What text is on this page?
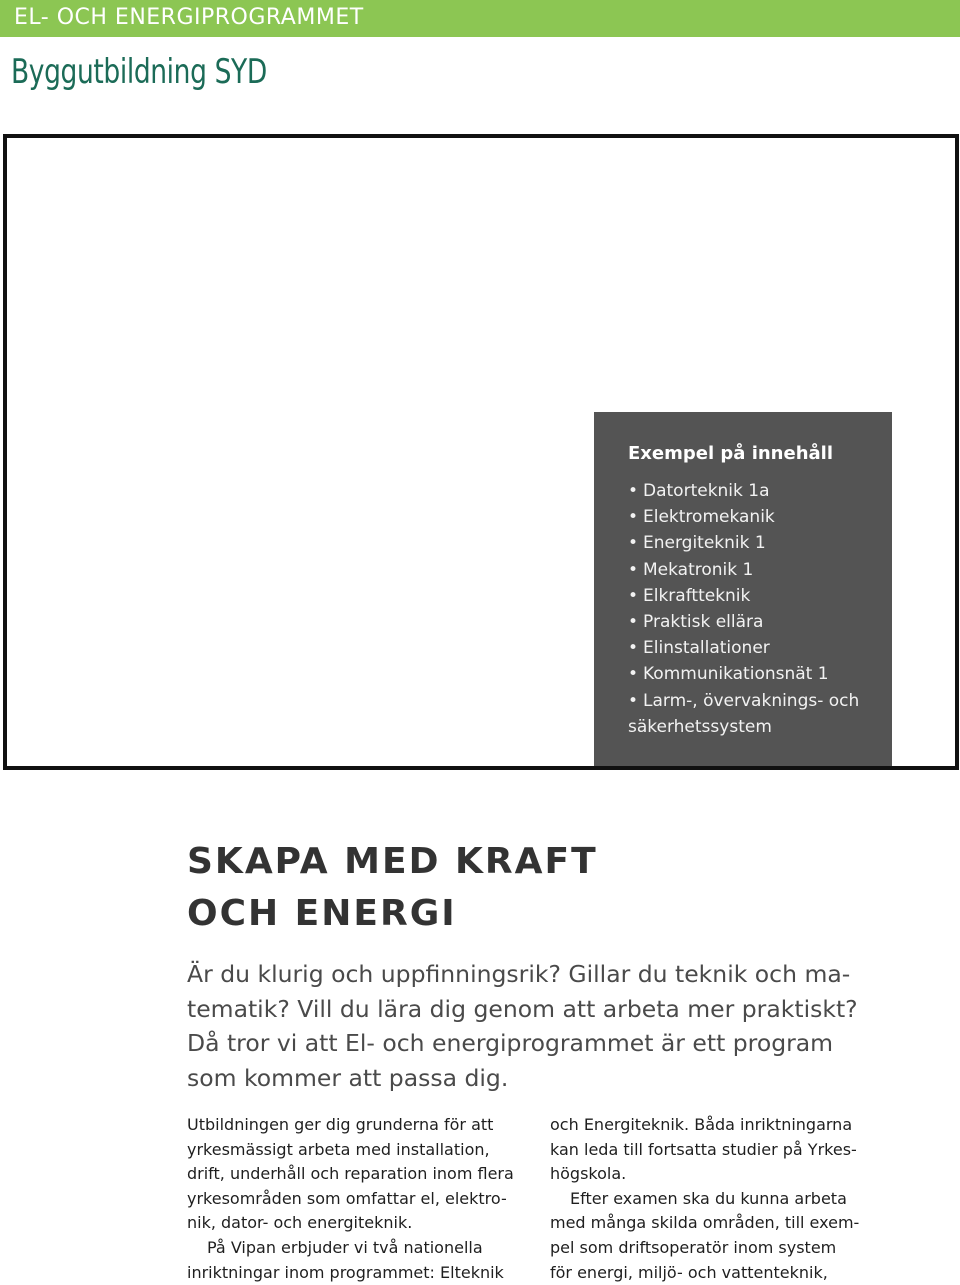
EL- OCH ENERGIPROGRAMMET
Byggutbildning SYD
Exempel på innehåll
• Datorteknik 1a
• Elektromekanik
• Energiteknik 1
• Mekatronik 1
• Elkraftteknik
• Praktisk ellära
• Elinstallationer
• Kommunikationsnät 1
• Larm-, övervaknings- och
säkerhetssystem
SKAPA MED KRAFT
OCH ENERGI
Är du klurig och uppfinningsrik? Gillar du teknik och ma-
tematik? Vill du lära dig genom att arbeta mer praktiskt?
Då tror vi att El- och energiprogrammet är ett program
som kommer att passa dig.
Utbildningen ger dig grunderna för att
yrkesmässigt arbeta med installation,
drift, underhåll och reparation inom flera
yrkesområden som omfattar el, elektro-
nik, dator- och energiteknik.
På Vipan erbjuder vi två nationella
inriktningar inom programmet: Elteknik
och Energiteknik. Båda inriktningarna
kan leda till fortsatta studier på Yrkes-
högskola.
Efter examen ska du kunna arbeta
med många skilda områden, till exem-
pel som driftsoperatör inom system
för energi, miljö- och vattenteknik,
